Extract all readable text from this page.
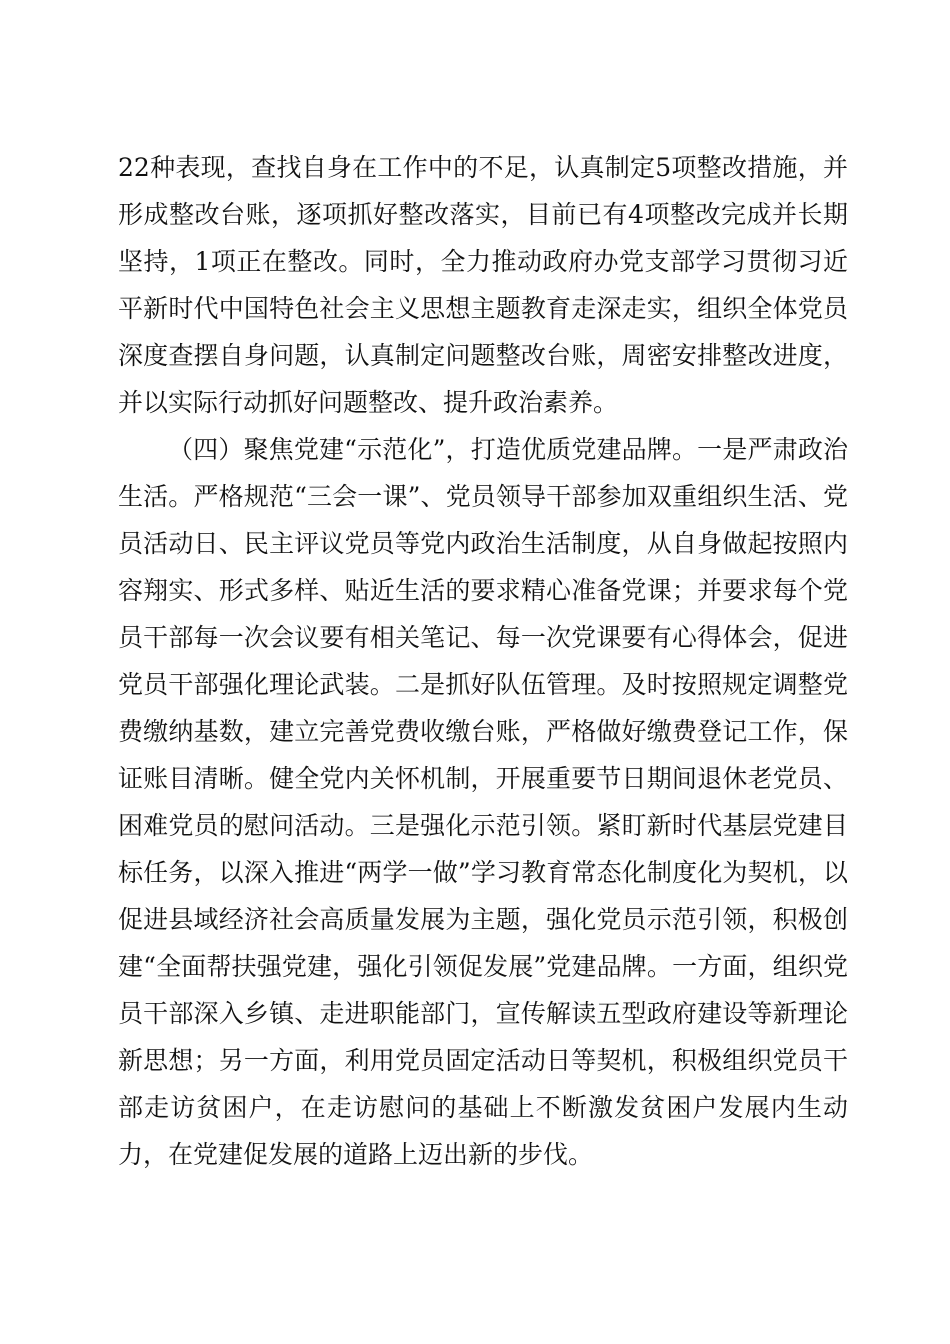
22种表现，查找自身在工作中的不足，认真制定5项整改措施，并形成整改台账，逐项抓好整改落实，目前已有4项整改完成并长期坚持，1项正在整改。同时，全力推动政府办党支部学习贯彻习近平新时代中国特色社会主义思想主题教育走深走实，组织全体党员深度查摆自身问题，认真制定问题整改台账，周密安排整改进度，并以实际行动抓好问题整改、提升政治素养。

（四）聚焦党建“示范化”，打造优质党建品牌。一是严肃政治生活。严格规范“三会一课”、党员领导干部参加双重组织生活、党员活动日、民主评议党员等党内政治生活制度，从自身做起按照内容翔实、形式多样、贴近生活的要求精心准备党课；并要求每个党员干部每一次会议要有相关笔记、每一次党课要有心得体会，促进党员干部强化理论武装。二是抓好队伍管理。及时按照规定调整党费缴纳基数，建立完善党费收缴台账，严格做好缴费登记工作，保证账目清晰。健全党内关怀机制，开展重要节日期间退休老党员、困难党员的慰问活动。三是强化示范引领。紧盯新时代基层党建目标任务，以深入推进“两学一做”学习教育常态化制度化为契机，以促进县域经济社会高质量发展为主题，强化党员示范引领，积极创建“全面帮扶强党建，强化引领促发展”党建品牌。一方面，组织党员干部深入乡镇、走进职能部门，宣传解读五型政府建设等新理论新思想；另一方面，利用党员固定活动日等契机，积极组织党员干部走访贫困户，在走访慰问的基础上不断激发贫困户发展内生动力，在党建促发展的道路上迈出新的步伐。
